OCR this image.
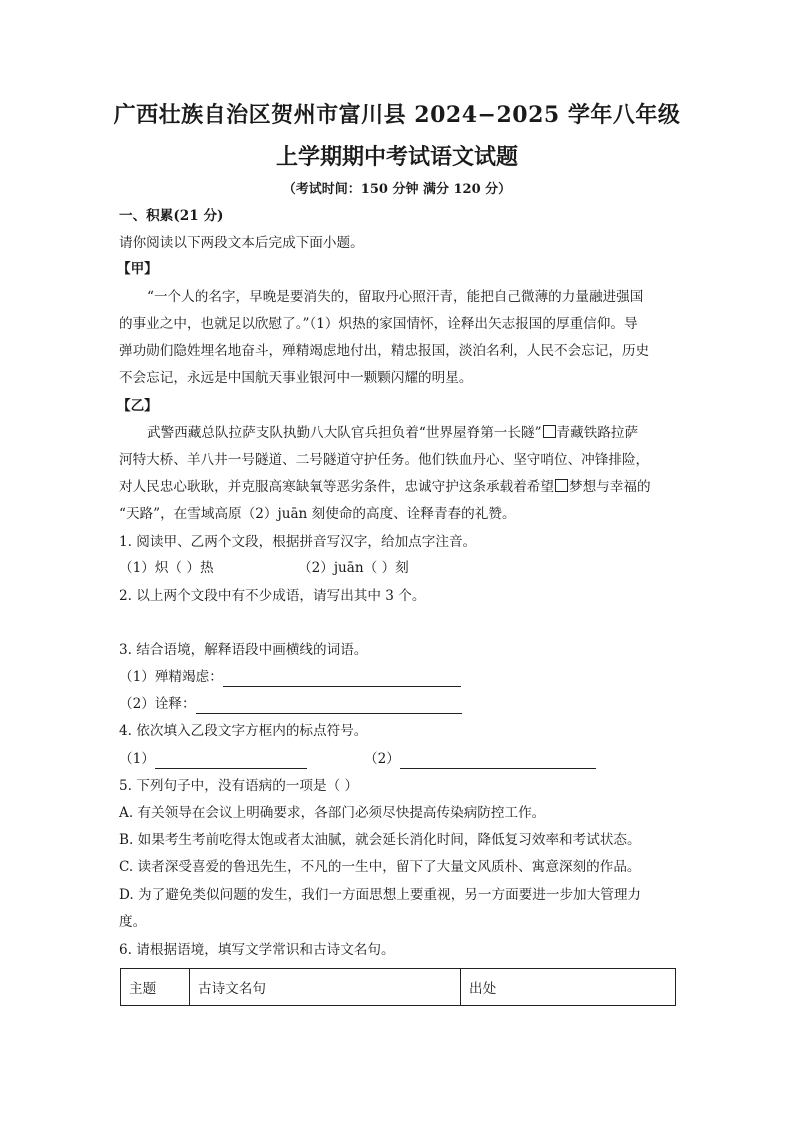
广西壮族自治区贺州市富川县 2024−2025 学年八年级
上学期期中考试语文试题
（考试时间：150 分钟 满分 120 分）
一、积累(21 分)
请你阅读以下两段文本后完成下面小题。
【甲】
“一个人的名字，早晚是要消失的，留取丹心照汗青，能把自己微薄的力量融进强国
的事业之中，也就足以欣慰了。”（1）炽热的家国情怀，诠释出矢志报国的厚重信仰。导
弹功勋们隐姓埋名地奋斗，殚精竭虑地付出，精忠报国，淡泊名利，人民不会忘记，历史
不会忘记，永远是中国航天事业银河中一颗颗闪耀的明星。
【乙】
武警西藏总队拉萨支队执勤八大队官兵担负着“世界屋脊第一长隧” 青藏铁路拉萨
河特大桥、羊八井一号隧道、二号隧道守护任务。他们铁血丹心、坚守哨位、冲锋排险，
对人民忠心耿耿，并克服高寒缺氧等恶劣条件，忠诚守护这条承载着希望 梦想与幸福的
“天路”，在雪域高原（2）juān 刻使命的高度、诠释青春的礼赞。
1. 阅读甲、乙两个文段，根据拼音写汉字，给加点字注音。
（1）炽（ ）热	（2）juān（ ）刻
2. 以上两个文段中有不少成语，请写出其中 3 个。
3. 结合语境，解释语段中画横线的词语。
（1）殚精竭虑：
（2）诠释：
4. 依次填入乙段文字方框内的标点符号。
（1）	（2）
5. 下列句子中，没有语病的一项是（ ）
A. 有关领导在会议上明确要求，各部门必须尽快提高传染病防控工作。
B. 如果考生考前吃得太饱或者太油腻，就会延长消化时间，降低复习效率和考试状态。
C. 读者深受喜爱的鲁迅先生，不凡的一生中，留下了大量文风质朴、寓意深刻的作品。
D. 为了避免类似问题的发生，我们一方面思想上要重视，另一方面要进一步加大管理力
度。
6. 请根据语境，填写文学常识和古诗文名句。
主题	古诗文名句	出处
